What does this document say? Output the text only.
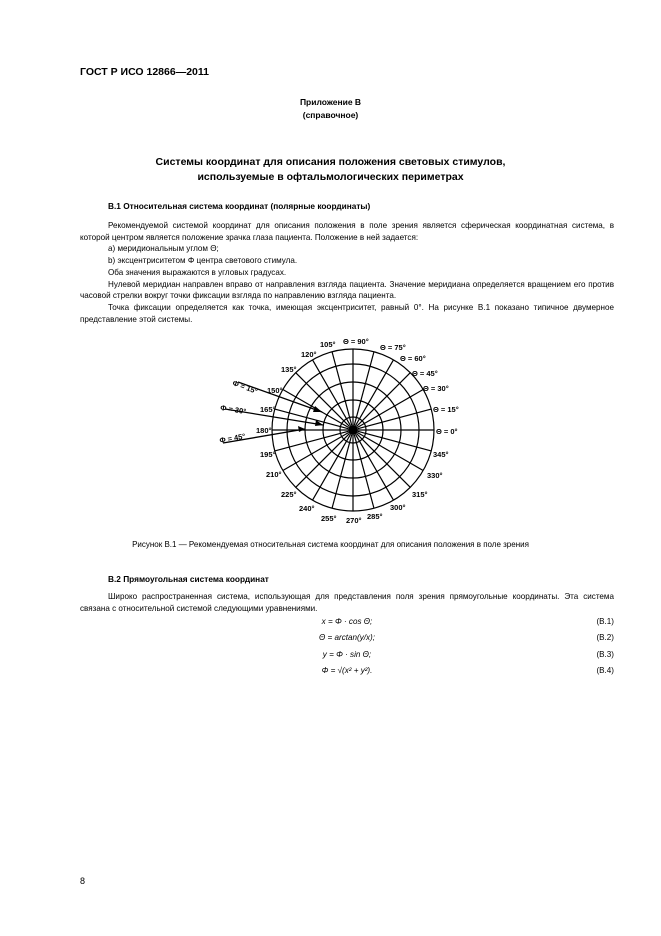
ГОСТ Р ИСО 12866—2011
Приложение В
(справочное)
Системы координат для описания положения световых стимулов,
используемые в офтальмологических периметрах
В.1 Относительная система координат (полярные координаты)

Рекомендуемой системой координат для описания положения в поле зрения является сферическая координатная система, в которой центром является положение зрачка глаза пациента. Положение в ней задается:

a) меридиональным углом Θ;

b) эксцентриситетом Φ центра светового стимула.

Оба значения выражаются в угловых градусах.

Нулевой меридиан направлен вправо от направления взгляда пациента. Значение меридиана определяется вращением его против часовой стрелки вокруг точки фиксации взгляда по направлению взгляда пациента.

Точка фиксации определяется как точка, имеющая эксцентриситет, равный 0°. На рисунке В.1 показано типичное двумерное представление этой системы.

Θ = 90°
Θ = 75°
Θ = 60°
Θ = 45°
Θ = 30°
Θ = 15°
Θ = 0°
105°
120°
135°
150°
165°
180°
195°
210°
225°
240°
255° 270° 285°
300°
315°
330°
345°
Φ = 15°
Φ = 30°
Φ = 45°
Рисунок В.1 — Рекомендуемая относительная система координат для описания положения в поле зрения
В.2 Прямоугольная система координат

Широко распространенная система, использующая для представления поля зрения прямоугольные координаты. Эта система связана с относительной системой следующими уравнениями.

x = Φ · cos Θ;	(В.1)
Θ = arctan(y/x);	(В.2)
y = Φ · sin Θ;	(В.3)
Φ = √(x² + y²).	(В.4)
8
